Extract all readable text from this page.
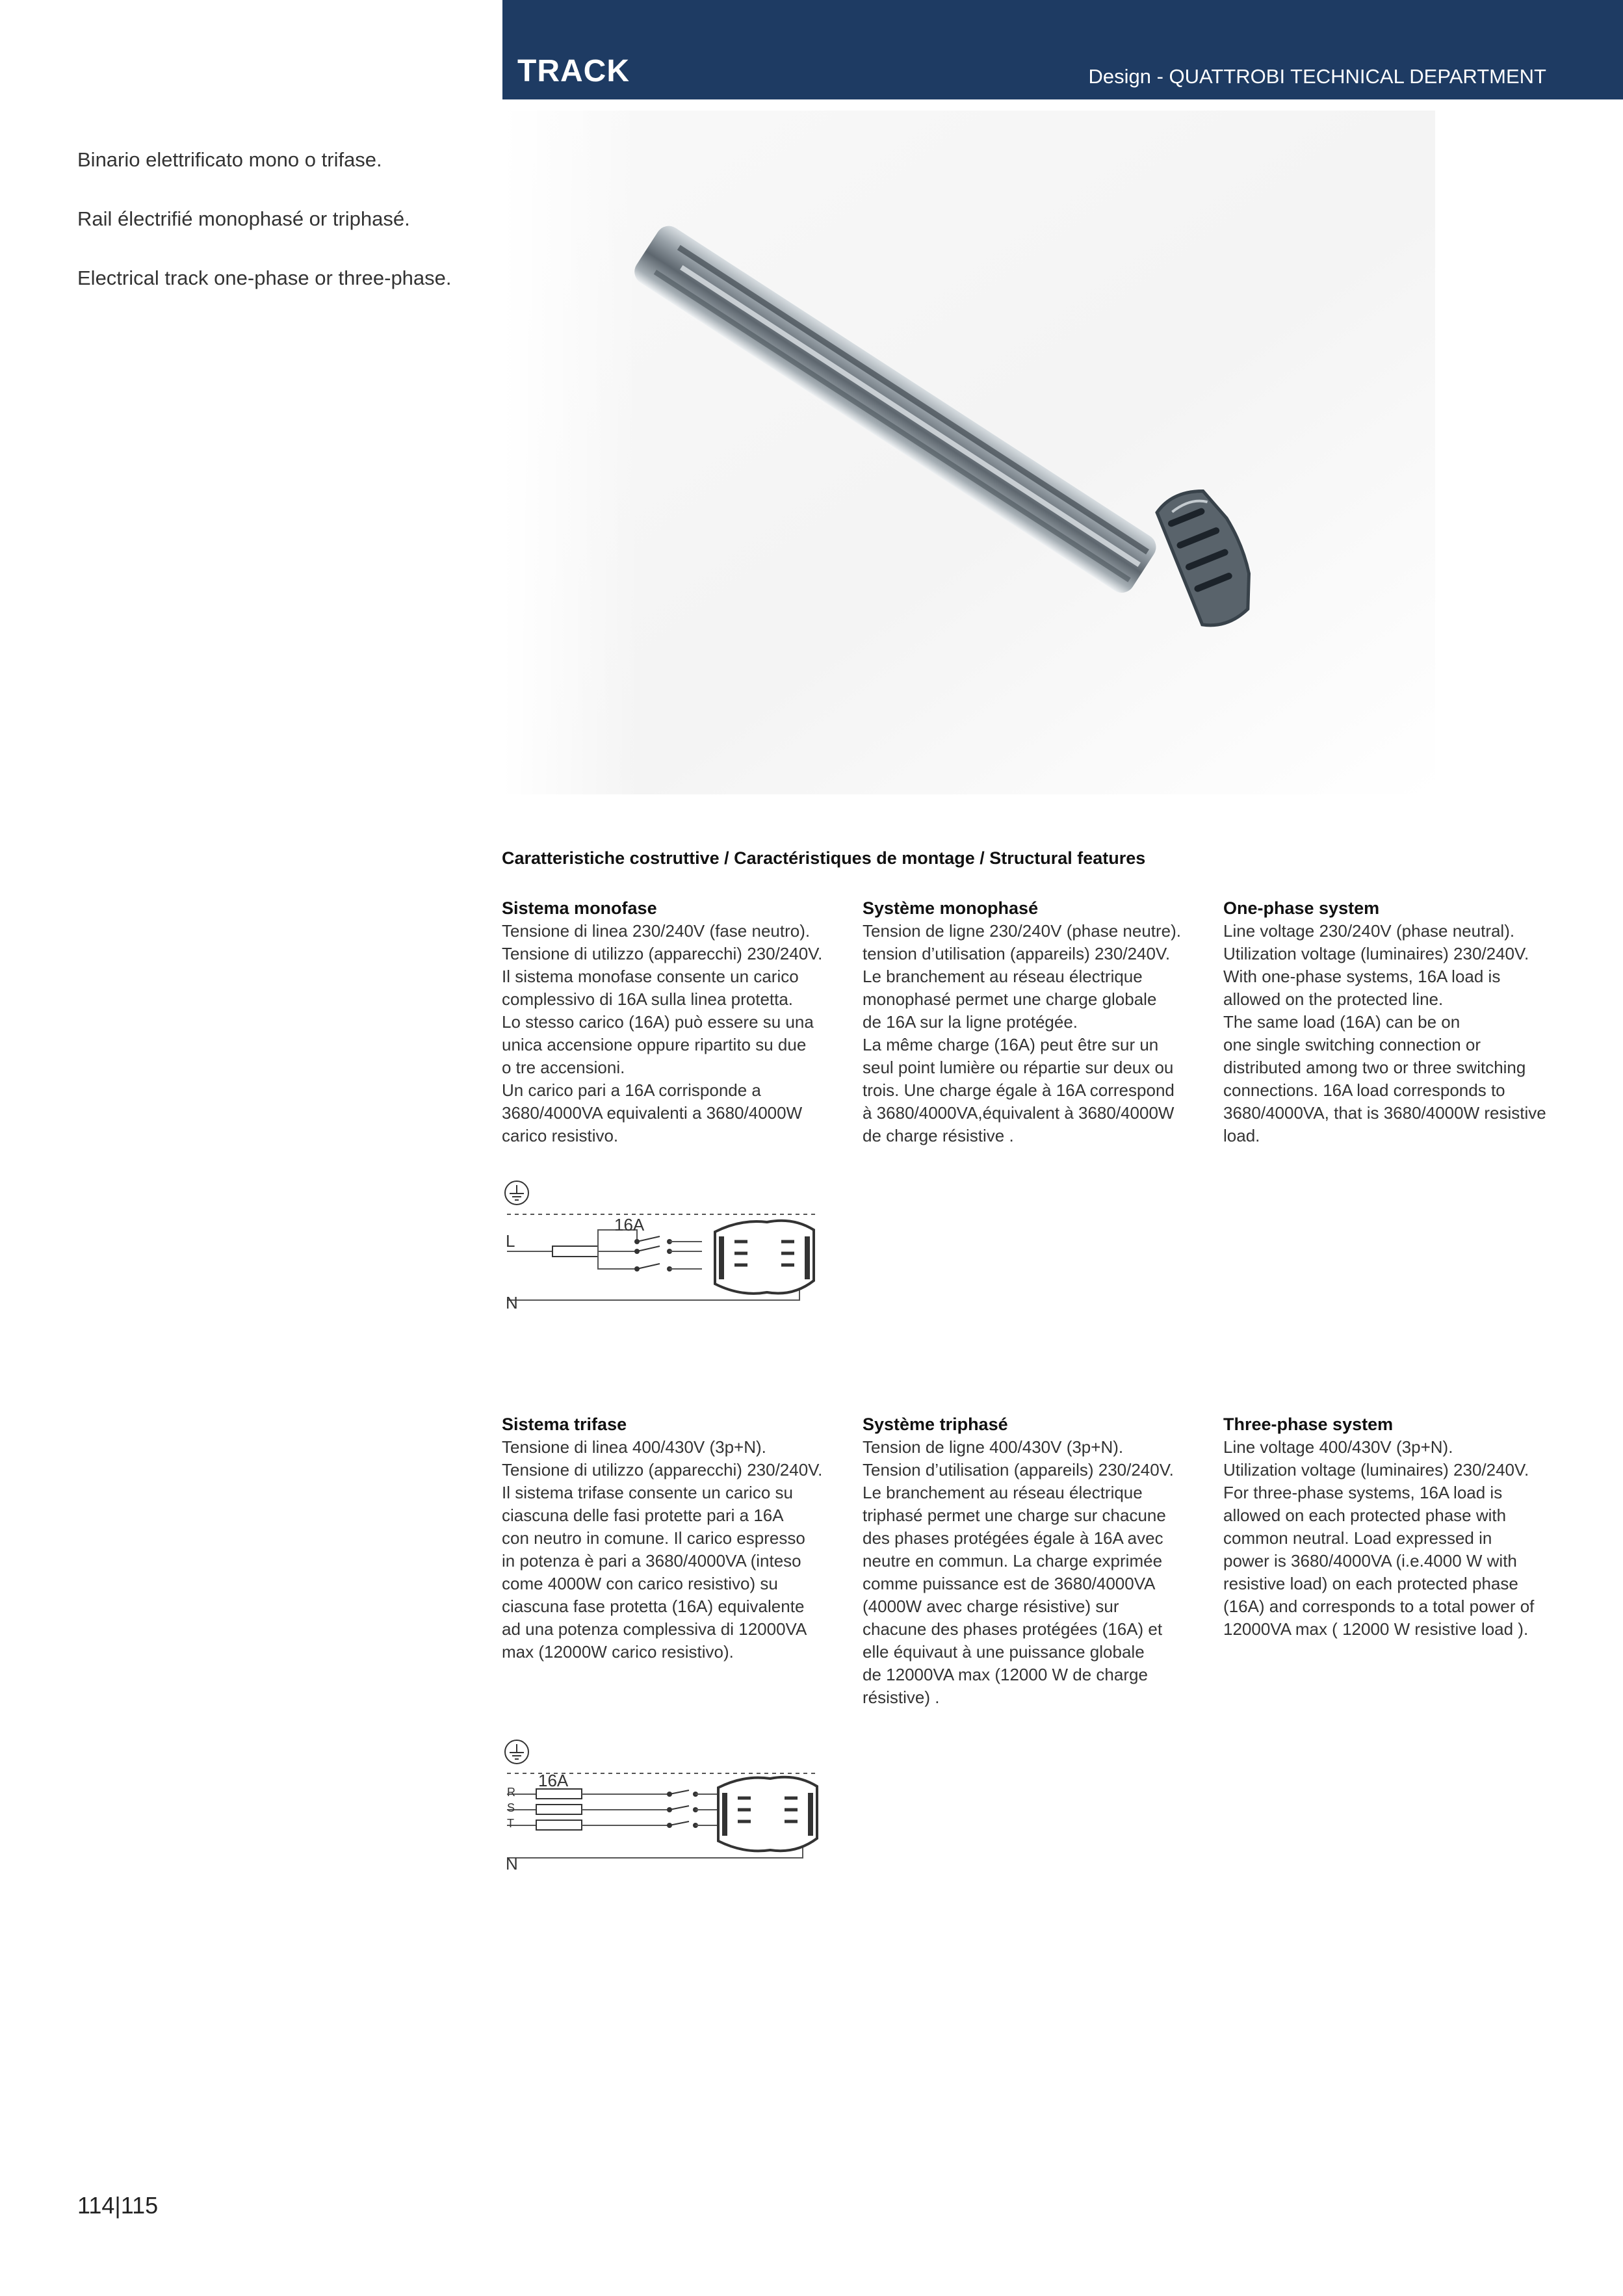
TRACK	Design - QUATTROBI TECHNICAL DEPARTMENT

Binario elettrificato mono o trifase.

Rail électrifié monophasé or triphasé.

Electrical track one-phase or three-phase.

Caratteristiche costruttive / Caractéristiques de montage / Structural features
Sistema monofase

Tensione di linea 230/240V (fase neutro).
Tensione di utilizzo (apparecchi) 230/240V.
Il sistema monofase consente un carico
complessivo di 16A sulla linea protetta.
Lo stesso carico (16A) può essere su una
unica accensione oppure ripartito su due
o tre accensioni.
Un carico pari a 16A corrisponde a
3680/4000VA equivalenti a 3680/4000W
carico resistivo.

Système monophasé

Tension de ligne 230/240V (phase neutre).
tension d’utilisation (appareils) 230/240V.
Le branchement au réseau électrique
monophasé permet une charge globale
de 16A sur la ligne protégée.
La même charge (16A) peut être sur un
seul point lumière ou répartie sur deux ou
trois. Une charge égale à 16A correspond
à 3680/4000VA,équivalent à 3680/4000W
de charge résistive .

One-phase system

Line voltage 230/240V (phase neutral).
Utilization voltage (luminaires) 230/240V.
With one-phase systems, 16A load is
allowed on the protected line.
The same load (16A) can be on
one single switching connection or
distributed among two or three switching
connections. 16A load corresponds to
3680/4000VA, that is 3680/4000W resistive
load.

16A
L
N
Sistema trifase

Tensione di linea 400/430V (3p+N).
Tensione di utilizzo (apparecchi) 230/240V.
Il sistema trifase consente un carico su
ciascuna delle fasi protette pari a 16A
con neutro in comune. Il carico espresso
in potenza è pari a 3680/4000VA (inteso
come 4000W con carico resistivo) su
ciascuna fase protetta (16A) equivalente
ad una potenza complessiva di 12000VA
max (12000W carico resistivo).

Système triphasé

Tension de ligne 400/430V (3p+N).
Tension d’utilisation (appareils) 230/240V.
Le branchement au réseau électrique
triphasé permet une charge sur chacune
des phases protégées égale à 16A avec
neutre en commun. La charge exprimée
comme puissance est de 3680/4000VA
(4000W avec charge résistive) sur
chacune des phases protégées (16A) et
elle équivaut à une puissance globale
de 12000VA max (12000 W de charge
résistive) .

Three-phase system

Line voltage 400/430V (3p+N).
Utilization voltage (luminaires) 230/240V.
For three-phase systems, 16A load is
allowed on each protected phase with
common neutral. Load expressed in
power is 3680/4000VA (i.e.4000 W with
resistive load) on each protected phase
(16A) and corresponds to a total power of
12000VA max ( 12000 W resistive load ).

16A
R
S
T
N
114|115
